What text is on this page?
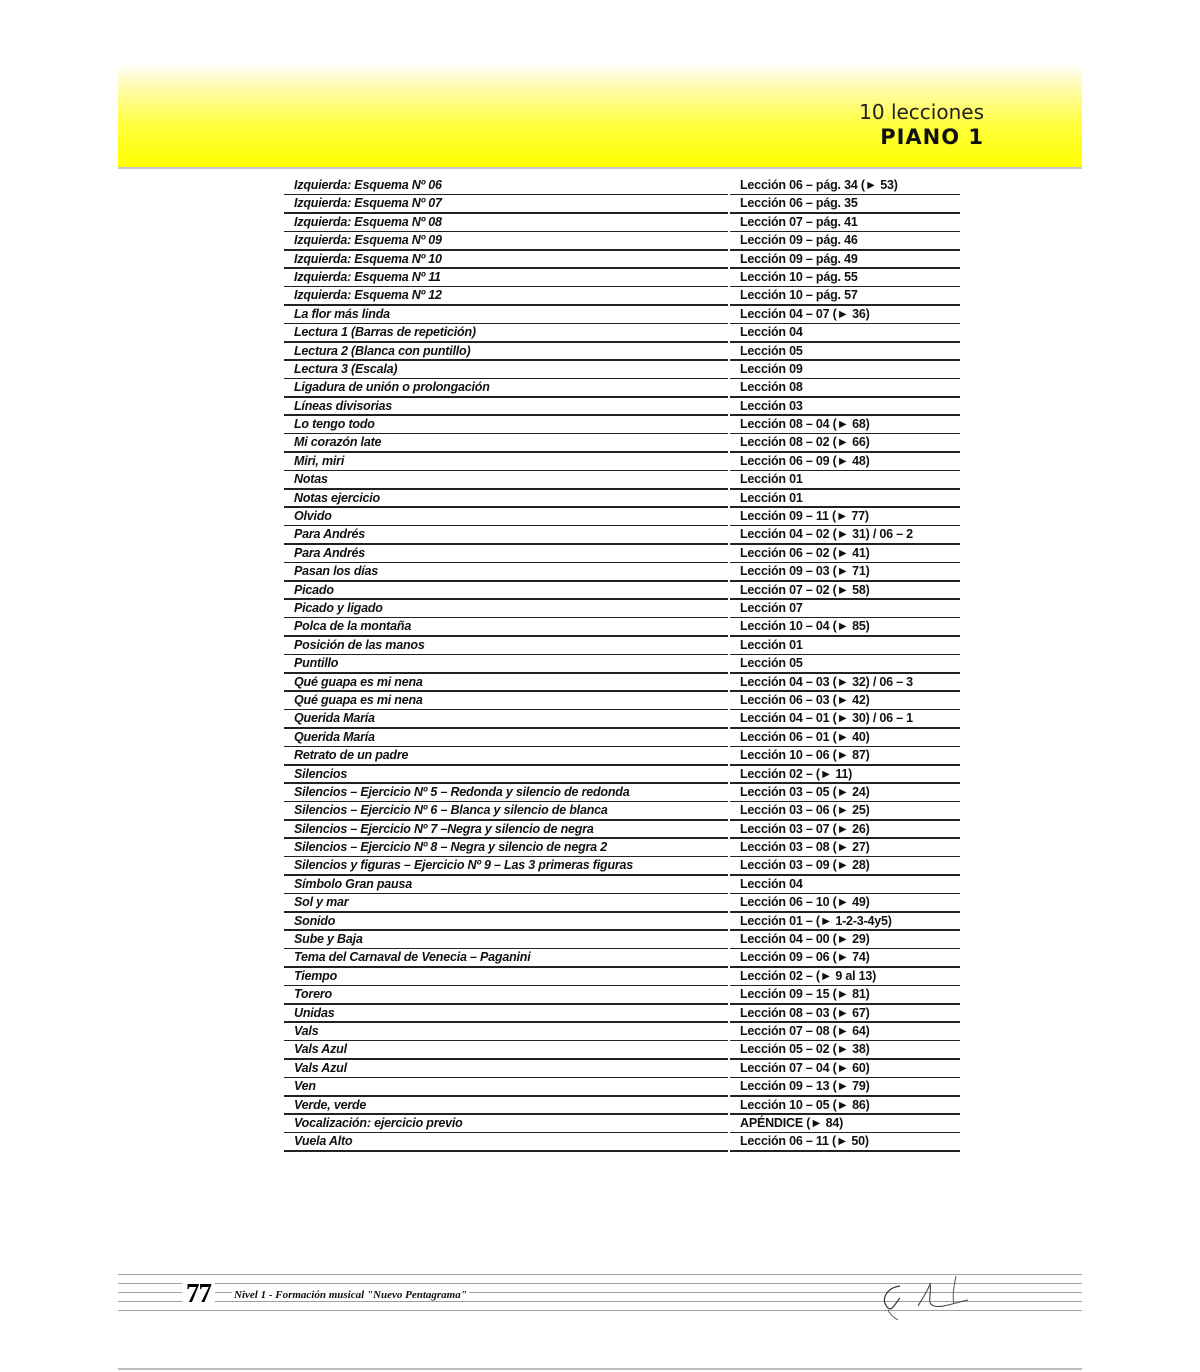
10 lecciones
PIANO 1
Izquierda: Esquema Nº 06	Lección 06 – pág. 34 (► 53)
Izquierda: Esquema Nº 07	Lección 06 – pág. 35
Izquierda: Esquema Nº 08	Lección 07 – pág. 41
Izquierda: Esquema Nº 09	Lección 09 – pág. 46
Izquierda: Esquema Nº 10	Lección 09 – pág. 49
Izquierda: Esquema Nº 11	Lección 10 – pág. 55
Izquierda: Esquema Nº 12	Lección 10 – pág. 57
La flor más linda	Lección 04 – 07 (► 36)
Lectura 1 (Barras de repetición)	Lección 04
Lectura 2 (Blanca con puntillo)	Lección 05
Lectura 3 (Escala)	Lección 09
Ligadura de unión o prolongación	Lección 08
Líneas divisorias	Lección 03
Lo tengo todo	Lección 08 – 04 (► 68)
Mi corazón late	Lección 08 – 02 (► 66)
Miri, miri	Lección 06 – 09 (► 48)
Notas	Lección 01
Notas ejercicio	Lección 01
Olvido	Lección 09 – 11 (► 77)
Para Andrés	Lección 04 – 02 (► 31) / 06 – 2
Para Andrés	Lección 06 – 02 (► 41)
Pasan los días	Lección 09 – 03 (► 71)
Picado	Lección 07 – 02 (► 58)
Picado y ligado	Lección 07
Polca de la montaña	Lección 10 – 04 (► 85)
Posición de las manos	Lección 01
Puntillo	Lección 05
Qué guapa es mi nena	Lección 04 – 03 (► 32) / 06 – 3
Qué guapa es mi nena	Lección 06 – 03 (► 42)
Querida María	Lección 04 – 01 (► 30) / 06 – 1
Querida María	Lección 06 – 01 (► 40)
Retrato de un padre	Lección 10 – 06 (► 87)
Silencios	Lección 02 – (► 11)
Silencios – Ejercicio Nº 5 – Redonda y silencio de redonda	Lección 03 – 05 (► 24)
Silencios – Ejercicio Nº 6 – Blanca y silencio de blanca	Lección 03 – 06 (► 25)
Silencios – Ejercicio Nº 7 –Negra y silencio de negra	Lección 03 – 07 (► 26)
Silencios – Ejercicio Nº 8 – Negra y silencio de negra 2	Lección 03 – 08 (► 27)
Silencios y figuras – Ejercicio Nº 9 – Las 3 primeras figuras	Lección 03 – 09 (► 28)
Símbolo Gran pausa	Lección 04
Sol y mar	Lección 06 – 10 (► 49)
Sonido	Lección 01 – (► 1-2-3-4y5)
Sube y Baja	Lección 04 – 00 (► 29)
Tema del Carnaval de Venecia – Paganini	Lección 09 – 06 (► 74)
Tiempo	Lección 02 – (► 9 al 13)
Torero	Lección 09 – 15 (► 81)
Unidas	Lección 08 – 03 (► 67)
Vals	Lección 07 – 08 (► 64)
Vals Azul	Lección 05 – 02 (► 38)
Vals Azul	Lección 07 – 04 (► 60)
Ven	Lección 09 – 13 (► 79)
Verde, verde	Lección 10 – 05 (► 86)
Vocalización: ejercicio previo	APÉNDICE (► 84)
Vuela Alto	Lección 06 – 11 (► 50)
77	Nivel 1 - Formación musical "Nuevo Pentagrama"
